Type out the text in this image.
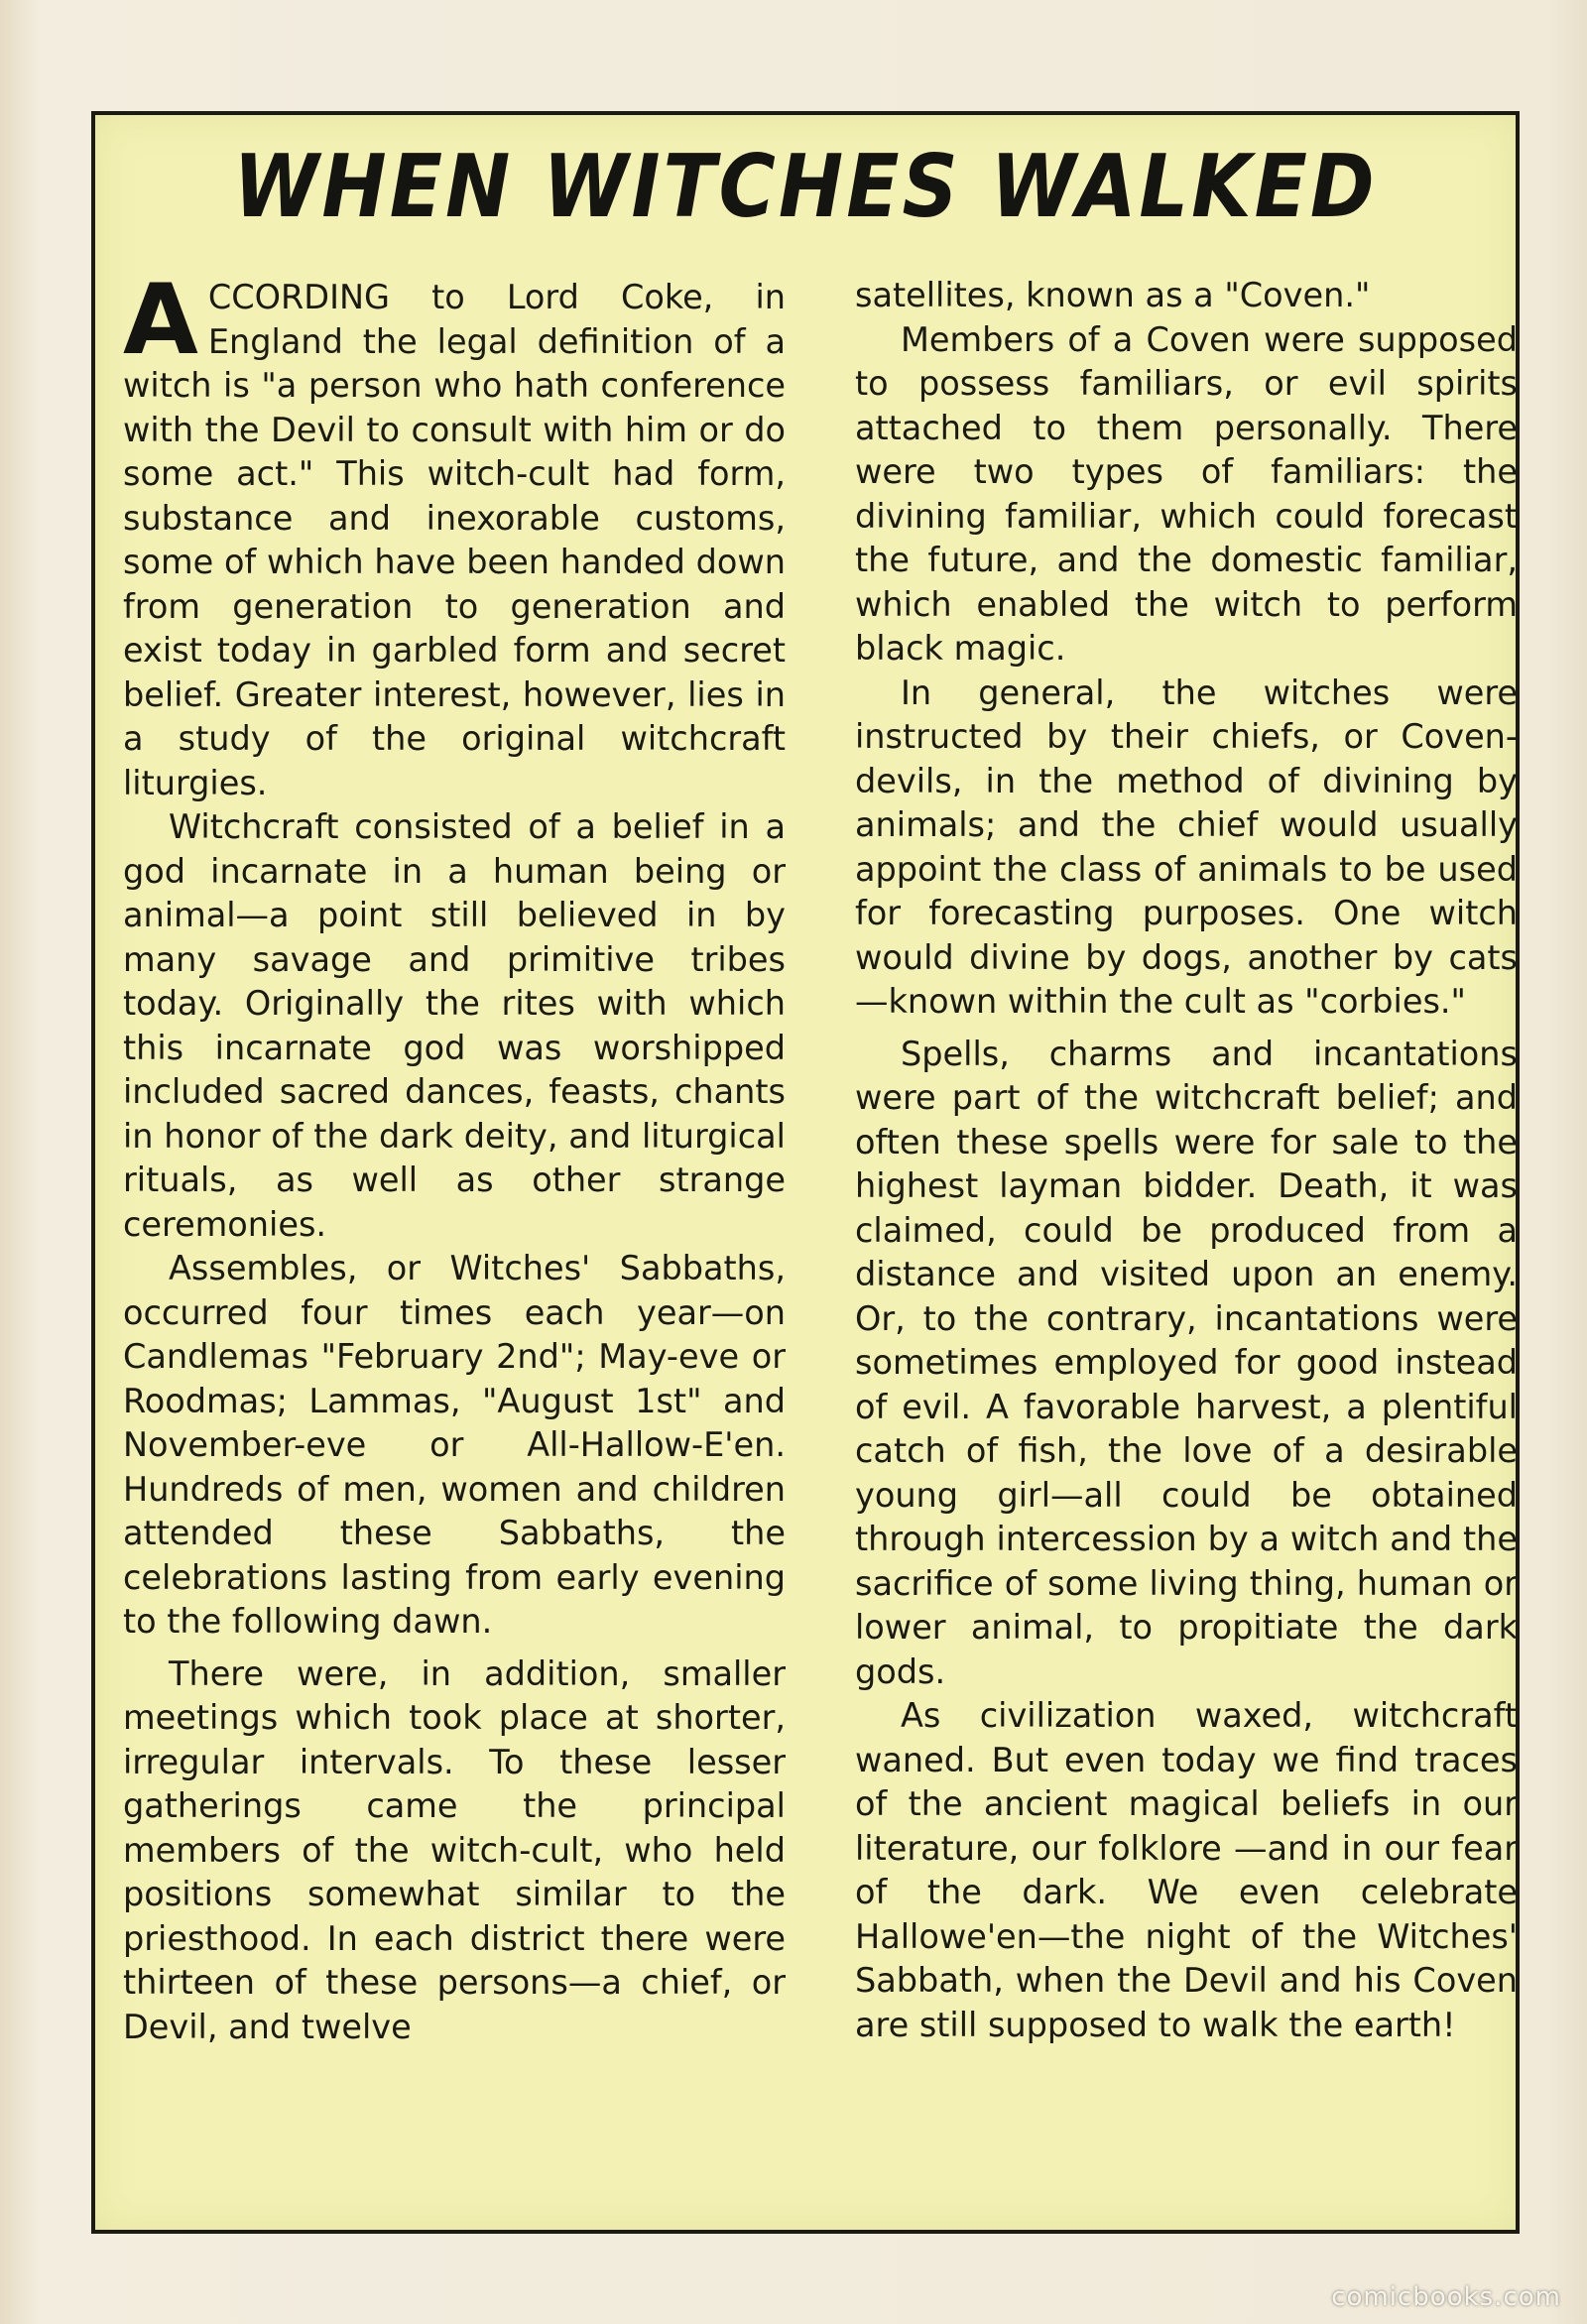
WHEN WITCHES WALKED

ACCORDING to Lord Coke, in England the legal definition of a witch is "a person who hath conference with the Devil to consult with him or do some act." This witch-cult had form, substance and inexorable customs, some of which have been handed down from generation to generation and exist today in garbled form and secret belief. Greater interest, however, lies in a study of the original witchcraft liturgies.

Witchcraft consisted of a belief in a god incarnate in a human being or animal—a point still believed in by many savage and primitive tribes today. Originally the rites with which this incarnate god was worshipped included sacred dances, feasts, chants in honor of the dark deity, and liturgical rituals, as well as other strange ceremonies.

Assembles, or Witches' Sabbaths, occurred four times each year—on Candlemas "February 2nd"; May-eve or Roodmas; Lammas, "August 1st" and November-eve or All-Hallow-E'en. Hundreds of men, women and children attended these Sabbaths, the celebrations lasting from early evening to the following dawn.

There were, in addition, smaller meetings which took place at shorter, irregular intervals. To these lesser gatherings came the principal members of the witch-cult, who held positions somewhat similar to the priesthood. In each district there were thirteen of these persons—a chief, or Devil, and twelve

satellites, known as a "Coven."

Members of a Coven were supposed to possess familiars, or evil spirits attached to them personally. There were two types of familiars: the divining familiar, which could forecast the future, and the domestic familiar, which enabled the witch to perform black magic.

In general, the witches were instructed by their chiefs, or Coven-devils, in the method of divining by animals; and the chief would usually appoint the class of animals to be used for forecasting purposes. One witch would divine by dogs, another by cats—known within the cult as "corbies."

Spells, charms and incantations were part of the witchcraft belief; and often these spells were for sale to the highest layman bidder. Death, it was claimed, could be produced from a distance and visited upon an enemy. Or, to the contrary, incantations were sometimes employed for good instead of evil. A favorable harvest, a plentiful catch of fish, the love of a desirable young girl—all could be obtained through intercession by a witch and the sacrifice of some living thing, human or lower animal, to propitiate the dark gods.

As civilization waxed, witchcraft waned. But even today we find traces of the ancient magical beliefs in our literature, our folklore —and in our fear of the dark. We even celebrate Hallowe'en—the night of the Witches' Sabbath, when the Devil and his Coven are still supposed to walk the earth!

comicbooks.com
